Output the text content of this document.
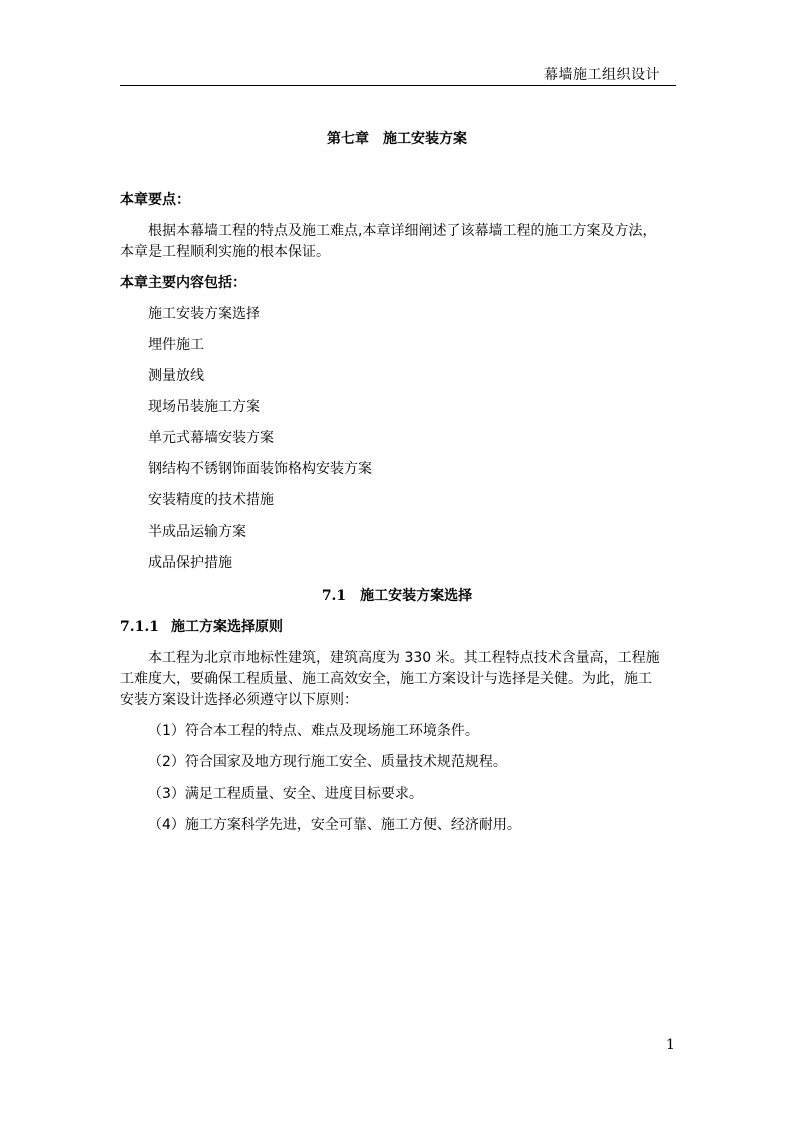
幕墙施工组织设计
第七章 施工安装方案
本章要点：
根据本幕墙工程的特点及施工难点,本章详细阐述了该幕墙工程的施工方案及方法，
本章是工程顺利实施的根本保证。
本章主要内容包括：
施工安装方案选择
埋件施工
测量放线
现场吊装施工方案
单元式幕墙安装方案
钢结构不锈钢饰面装饰格构安装方案
安装精度的技术措施
半成品运输方案
成品保护措施
7.1 施工安装方案选择
7.1.1 施工方案选择原则
本工程为北京市地标性建筑，建筑高度为 330 米。其工程特点技术含量高，工程施
工难度大，要确保工程质量、施工高效安全，施工方案设计与选择是关健。为此，施工
安装方案设计选择必须遵守以下原则：
（1）符合本工程的特点、难点及现场施工环境条件。
（2）符合国家及地方现行施工安全、质量技术规范规程。
（3）满足工程质量、安全、进度目标要求。
（4）施工方案科学先进，安全可靠、施工方便、经济耐用。
1
